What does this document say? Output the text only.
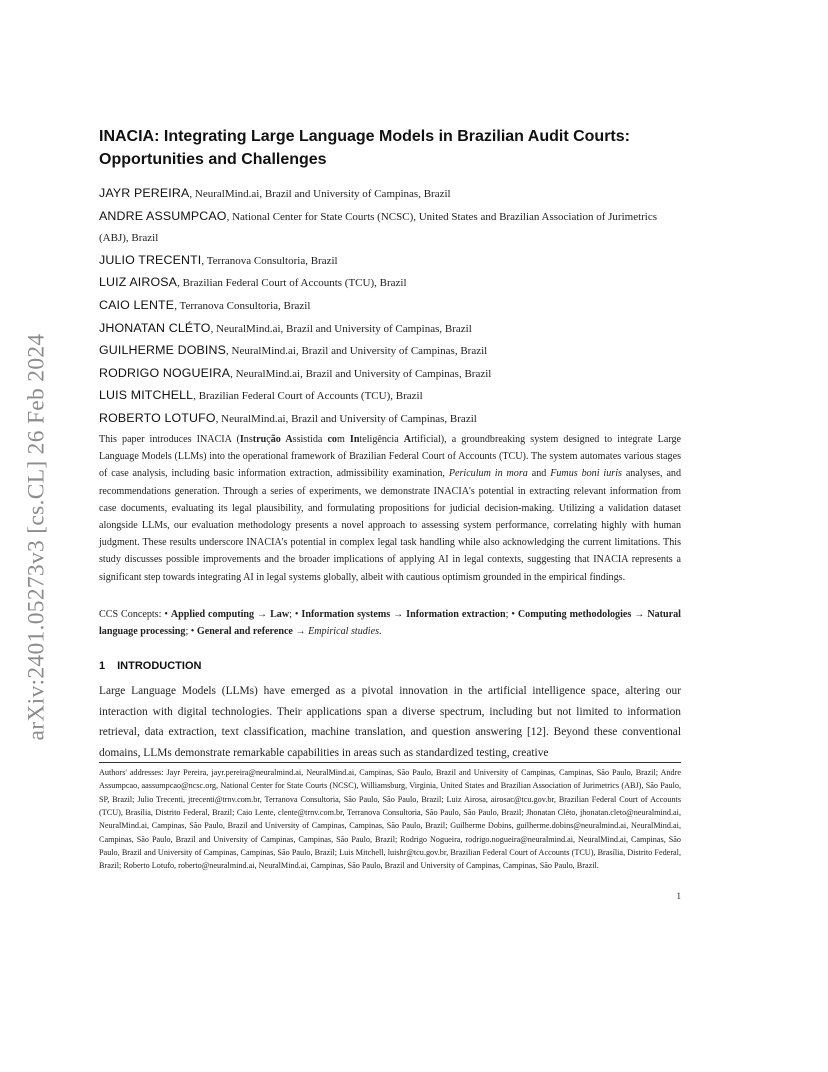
arXiv:2401.05273v3 [cs.CL] 26 Feb 2024
INACIA: Integrating Large Language Models in Brazilian Audit Courts: Opportunities and Challenges
JAYR PEREIRA, NeuralMind.ai, Brazil and University of Campinas, Brazil
ANDRE ASSUMPCAO, National Center for State Courts (NCSC), United States and Brazilian Association of Jurimetrics (ABJ), Brazil
JULIO TRECENTI, Terranova Consultoria, Brazil
LUIZ AIROSA, Brazilian Federal Court of Accounts (TCU), Brazil
CAIO LENTE, Terranova Consultoria, Brazil
JHONATAN CLÉTO, NeuralMind.ai, Brazil and University of Campinas, Brazil
GUILHERME DOBINS, NeuralMind.ai, Brazil and University of Campinas, Brazil
RODRIGO NOGUEIRA, NeuralMind.ai, Brazil and University of Campinas, Brazil
LUIS MITCHELL, Brazilian Federal Court of Accounts (TCU), Brazil
ROBERTO LOTUFO, NeuralMind.ai, Brazil and University of Campinas, Brazil
This paper introduces INACIA (Instrução Assistida com Inteligência Artificial), a groundbreaking system designed to integrate Large Language Models (LLMs) into the operational framework of Brazilian Federal Court of Accounts (TCU). The system automates various stages of case analysis, including basic information extraction, admissibility examination, Periculum in mora and Fumus boni iuris analyses, and recommendations generation. Through a series of experiments, we demonstrate INACIA's potential in extracting relevant information from case documents, evaluating its legal plausibility, and formulating propositions for judicial decision-making. Utilizing a validation dataset alongside LLMs, our evaluation methodology presents a novel approach to assessing system performance, correlating highly with human judgment. These results underscore INACIA's potential in complex legal task handling while also acknowledging the current limitations. This study discusses possible improvements and the broader implications of applying AI in legal contexts, suggesting that INACIA represents a significant step towards integrating AI in legal systems globally, albeit with cautious optimism grounded in the empirical findings.
CCS Concepts: • Applied computing → Law; • Information systems → Information extraction; • Computing methodologies → Natural language processing; • General and reference → Empirical studies.
1 INTRODUCTION
Large Language Models (LLMs) have emerged as a pivotal innovation in the artificial intelligence space, altering our interaction with digital technologies. Their applications span a diverse spectrum, including but not limited to information retrieval, data extraction, text classification, machine translation, and question answering [12]. Beyond these conventional domains, LLMs demonstrate remarkable capabilities in areas such as standardized testing, creative
Authors' addresses: Jayr Pereira, jayr.pereira@neuralmind.ai, NeuralMind.ai, Campinas, São Paulo, Brazil and University of Campinas, Campinas, São Paulo, Brazil; Andre Assumpcao, aassumpcao@ncsc.org, National Center for State Courts (NCSC), Williamsburg, Virginia, United States and Brazilian Association of Jurimetrics (ABJ), São Paulo, SP, Brazil; Julio Trecenti, jtrecenti@trnv.com.br, Terranova Consultoria, São Paulo, São Paulo, Brazil; Luiz Airosa, airosac@tcu.gov.br, Brazilian Federal Court of Accounts (TCU), Brasília, Distrito Federal, Brazil; Caio Lente, clente@trnv.com.br, Terranova Consultoria, São Paulo, São Paulo, Brazil; Jhonatan Cléto, jhonatan.cleto@neuralmind.ai, NeuralMind.ai, Campinas, São Paulo, Brazil and University of Campinas, Campinas, São Paulo, Brazil; Guilherme Dobins, guilherme.dobins@neuralmind.ai, NeuralMind.ai, Campinas, São Paulo, Brazil and University of Campinas, Campinas, São Paulo, Brazil; Rodrigo Nogueira, rodrigo.nogueira@neuralmind.ai, NeuralMind.ai, Campinas, São Paulo, Brazil and University of Campinas, Campinas, São Paulo, Brazil; Luis Mitchell, luishr@tcu.gov.br, Brazilian Federal Court of Accounts (TCU), Brasília, Distrito Federal, Brazil; Roberto Lotufo, roberto@neuralmind.ai, NeuralMind.ai, Campinas, São Paulo, Brazil and University of Campinas, Campinas, São Paulo, Brazil.
1
